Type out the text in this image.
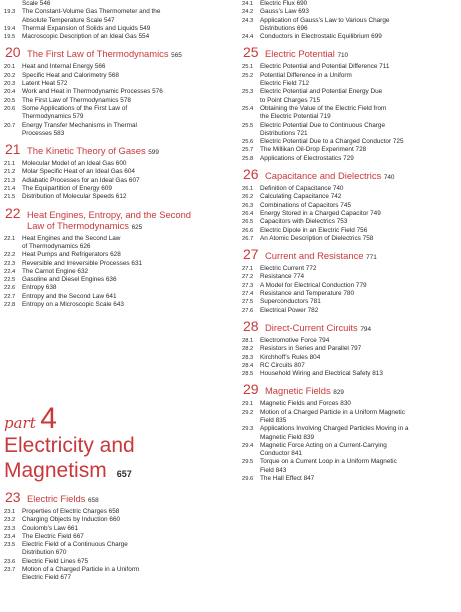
Scale 546
19.3	The Constant-Volume Gas Thermometer and the
Absolute Temperature Scale 547
19.4	Thermal Expansion of Solids and Liquids 549
19.5	Macroscopic Description of an Ideal Gas 554
20 The First Law of Thermodynamics 565
20.1	Heat and Internal Energy 566
20.2	Specific Heat and Calorimetry 568
20.3	Latent Heat 572
20.4	Work and Heat in Thermodynamic Processes 576
20.5	The First Law of Thermodynamics 578
20.6	Some Applications of the First Law of
Thermodynamics 579
20.7	Energy Transfer Mechanisms in Thermal
Processes 583
21 The Kinetic Theory of Gases 599
21.1	Molecular Model of an Ideal Gas 600
21.2	Molar Specific Heat of an Ideal Gas 604
21.3	Adiabatic Processes for an Ideal Gas 607
21.4	The Equipartition of Energy 609
21.5	Distribution of Molecular Speeds 612
22 Heat Engines, Entropy, and the Second
Law of Thermodynamics 625
22.1	Heat Engines and the Second Law
of Thermodynamics 626
22.2	Heat Pumps and Refrigerators 628
22.3	Reversible and Irreversible Processes 631
22.4	The Carnot Engine 632
22.5	Gasoline and Diesel Engines 636
22.6	Entropy 638
22.7	Entropy and the Second Law 641
22.8	Entropy on a Microscopic Scale 643
part 4
Electricity and
Magnetism 657
23 Electric Fields 658
23.1	Properties of Electric Charges 658
23.2	Charging Objects by Induction 660
23.3	Coulomb’s Law 661
23.4	The Electric Field 667
23.5	Electric Field of a Continuous Charge
Distribution 670
23.6	Electric Field Lines 675
23.7	Motion of a Charged Particle in a Uniform
Electric Field 677
24.1	Electric Flux 690
24.2	Gauss’s Law 693
24.3	Application of Gauss’s Law to Various Charge
Distributions 696
24.4	Conductors in Electrostatic Equilibrium 699
25 Electric Potential 710
25.1	Electric Potential and Potential Difference 711
25.2	Potential Difference in a Uniform
Electric Field 712
25.3	Electric Potential and Potential Energy Due
to Point Charges 715
25.4	Obtaining the Value of the Electric Field from
the Electric Potential 719
25.5	Electric Potential Due to Continuous Charge
Distributions 721
25.6	Electric Potential Due to a Charged Conductor 725
25.7	The Millikan Oil-Drop Experiment 728
25.8	Applications of Electrostatics 729
26 Capacitance and Dielectrics 740
26.1	Definition of Capacitance 740
26.2	Calculating Capacitance 742
26.3	Combinations of Capacitors 745
26.4	Energy Stored in a Charged Capacitor 749
26.5	Capacitors with Dielectrics 753
26.6	Electric Dipole in an Electric Field 756
26.7	An Atomic Description of Dielectrics 758
27 Current and Resistance 771
27.1	Electric Current 772
27.2	Resistance 774
27.3	A Model for Electrical Conduction 779
27.4	Resistance and Temperature 780
27.5	Superconductors 781
27.6	Electrical Power 782
28 Direct-Current Circuits 794
28.1	Electromotive Force 794
28.2	Resistors in Series and Parallel 797
28.3	Kirchhoff’s Rules 804
28.4	RC Circuits 807
28.5	Household Wiring and Electrical Safety 813
29 Magnetic Fields 829
29.1	Magnetic Fields and Forces 830
29.2	Motion of a Charged Particle in a Uniform Magnetic
Field 835
29.3	Applications Involving Charged Particles Moving in a
Magnetic Field 839
29.4	Magnetic Force Acting on a Current-Carrying
Conductor 841
29.5	Torque on a Current Loop in a Uniform Magnetic
Field 843
29.6	The Hall Effect 847
